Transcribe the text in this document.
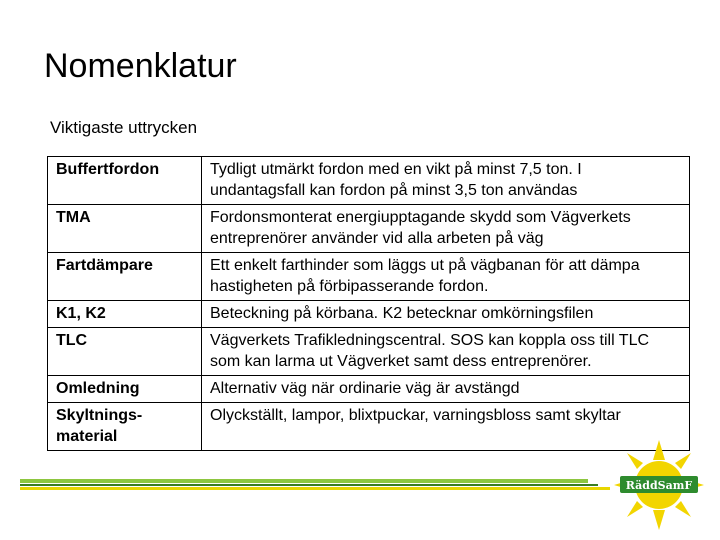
Nomenklatur
Viktigaste uttrycken
Buffertfordon	Tydligt utmärkt fordon med en vikt på minst 7,5 ton. I undantagsfall kan fordon på minst 3,5 ton användas
TMA	Fordonsmonterat energiupptagande skydd som Vägverkets entreprenörer använder vid alla arbeten på väg
Fartdämpare	Ett enkelt farthinder som läggs ut på vägbanan för att dämpa hastigheten på förbipasserande fordon.
K1, K2	Beteckning på körbana. K2 betecknar omkörningsfilen
TLC	Vägverkets Trafikledningscentral. SOS kan koppla oss till TLC som kan larma ut Vägverket samt dess entreprenörer.
Omledning	Alternativ väg när ordinarie väg är avstängd
Skyltnings-material	Olyckställt, lampor, blixtpuckar, varningsbloss samt skyltar
RäddSamF
